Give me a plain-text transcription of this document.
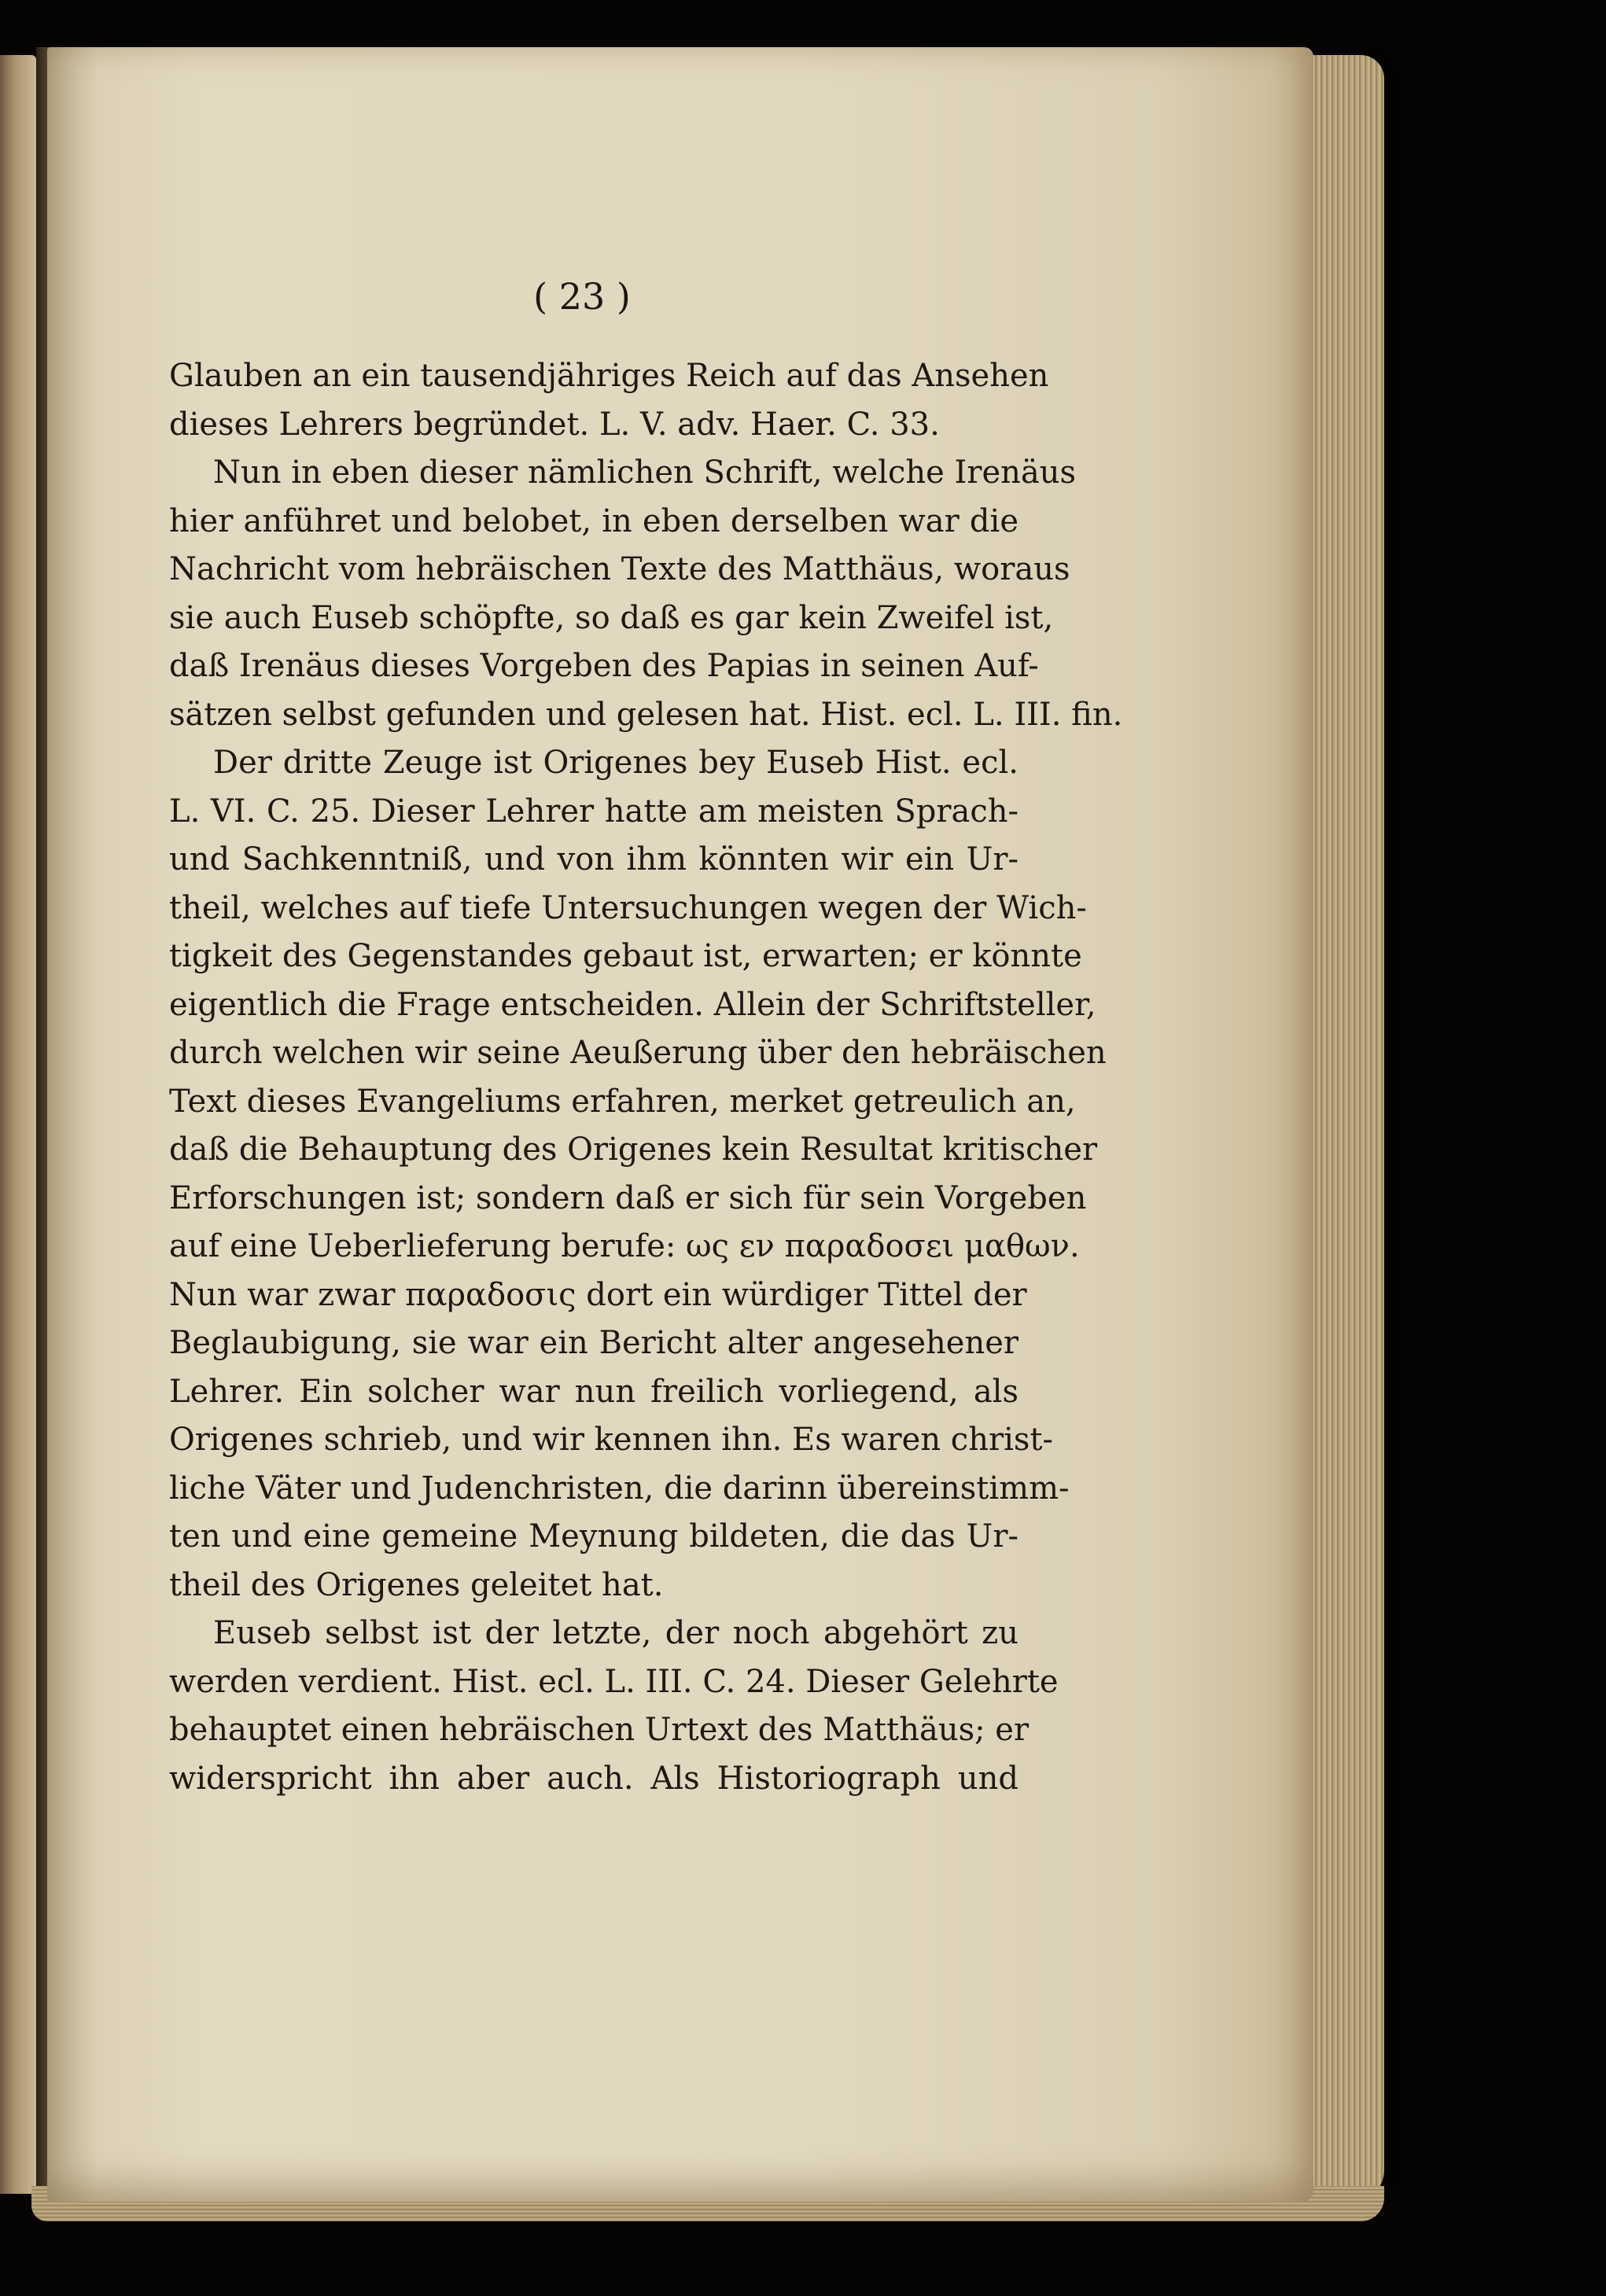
( 23 )
Glauben an ein tausendjähriges Reich auf das Ansehen
dieses Lehrers begründet. L. V. adv. Haer. C. 33.
Nun in eben dieser nämlichen Schrift, welche Irenäus
hier anführet und belobet, in eben derselben war die
Nachricht vom hebräischen Texte des Matthäus, woraus
sie auch Euseb schöpfte, so daß es gar kein Zweifel ist,
daß Irenäus dieses Vorgeben des Papias in seinen Auf-
sätzen selbst gefunden und gelesen hat. Hist. ecl. L. III. fin.
Der dritte Zeuge ist Origenes bey Euseb Hist. ecl.
L. VI. C. 25. Dieser Lehrer hatte am meisten Sprach-
und Sachkenntniß, und von ihm könnten wir ein Ur-
theil, welches auf tiefe Untersuchungen wegen der Wich-
tigkeit des Gegenstandes gebaut ist, erwarten; er könnte
eigentlich die Frage entscheiden. Allein der Schriftsteller,
durch welchen wir seine Aeußerung über den hebräischen
Text dieses Evangeliums erfahren, merket getreulich an,
daß die Behauptung des Origenes kein Resultat kritischer
Erforschungen ist; sondern daß er sich für sein Vorgeben
auf eine Ueberlieferung berufe: ως εν παραδοσει μαθων.
Nun war zwar παραδοσις dort ein würdiger Tittel der
Beglaubigung, sie war ein Bericht alter angesehener
Lehrer. Ein solcher war nun freilich vorliegend, als
Origenes schrieb, und wir kennen ihn. Es waren christ-
liche Väter und Judenchristen, die darinn übereinstimm-
ten und eine gemeine Meynung bildeten, die das Ur-
theil des Origenes geleitet hat.
Euseb selbst ist der letzte, der noch abgehört zu
werden verdient. Hist. ecl. L. III. C. 24. Dieser Gelehrte
behauptet einen hebräischen Urtext des Matthäus; er
widerspricht ihn aber auch. Als Historiograph und
